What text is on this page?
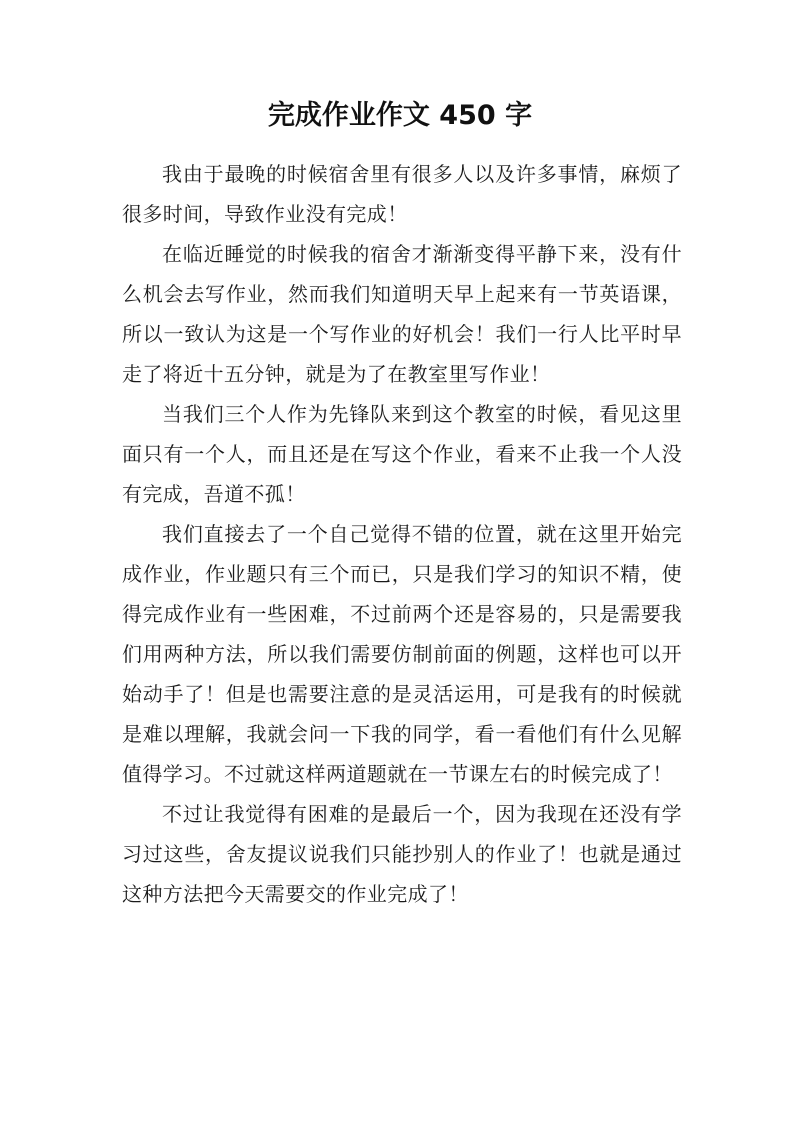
完成作业作文 450 字

我由于最晚的时候宿舍里有很多人以及许多事情，麻烦了很多时间，导致作业没有完成！

在临近睡觉的时候我的宿舍才渐渐变得平静下来，没有什么机会去写作业，然而我们知道明天早上起来有一节英语课，所以一致认为这是一个写作业的好机会！我们一行人比平时早走了将近十五分钟，就是为了在教室里写作业！

当我们三个人作为先锋队来到这个教室的时候，看见这里面只有一个人，而且还是在写这个作业，看来不止我一个人没有完成，吾道不孤！

我们直接去了一个自己觉得不错的位置，就在这里开始完成作业，作业题只有三个而已，只是我们学习的知识不精，使得完成作业有一些困难，不过前两个还是容易的，只是需要我们用两种方法，所以我们需要仿制前面的例题，这样也可以开始动手了！但是也需要注意的是灵活运用，可是我有的时候就是难以理解，我就会问一下我的同学，看一看他们有什么见解值得学习。不过就这样两道题就在一节课左右的时候完成了！

不过让我觉得有困难的是最后一个，因为我现在还没有学习过这些，舍友提议说我们只能抄别人的作业了！也就是通过这种方法把今天需要交的作业完成了！
